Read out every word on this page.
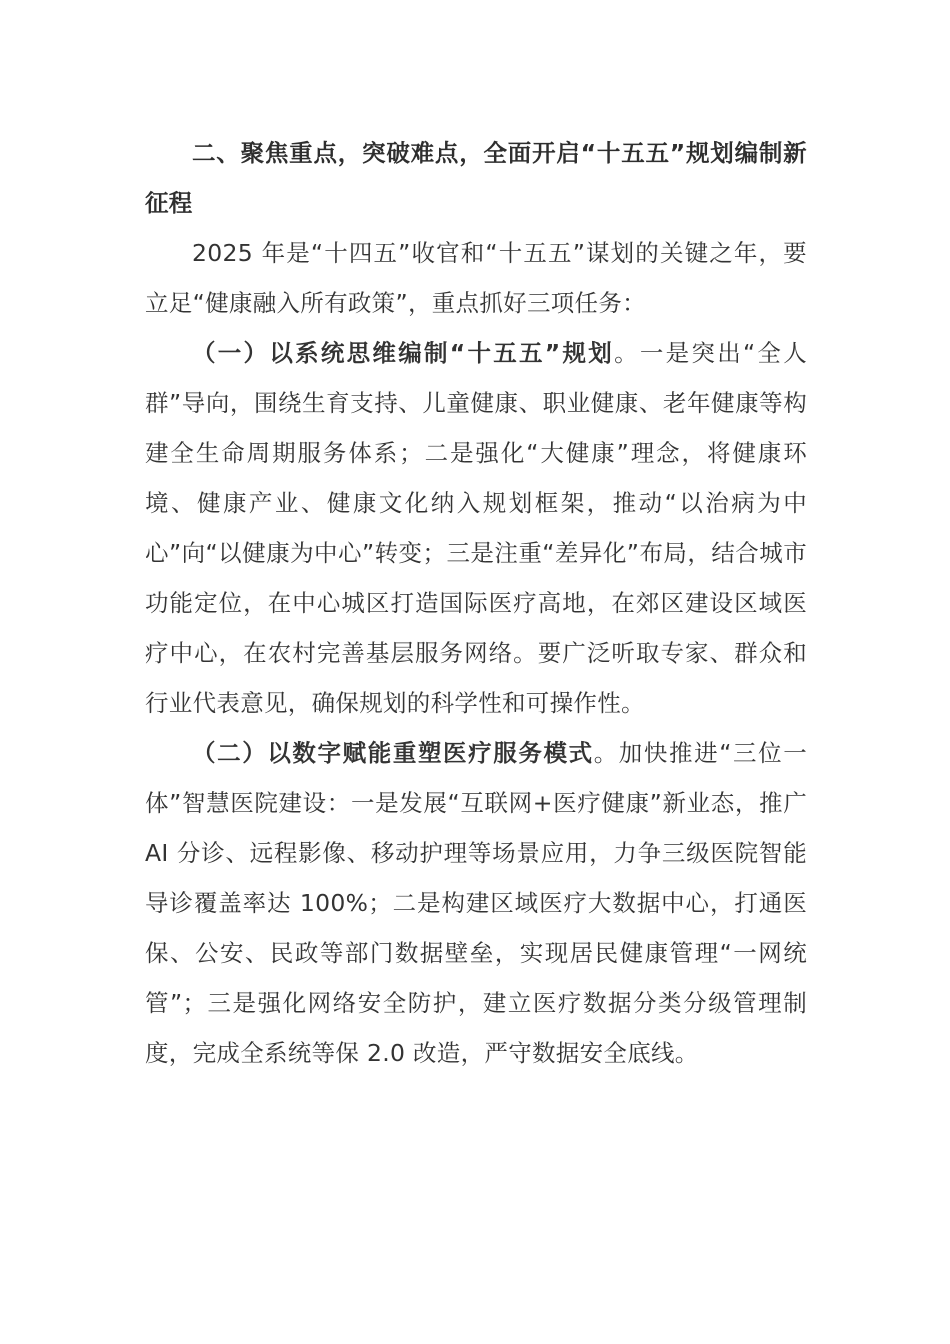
二、聚焦重点，突破难点，全面开启“十五五”规划编制新征程

2025 年是“十四五”收官和“十五五”谋划的关键之年，要立足“健康融入所有政策”，重点抓好三项任务：

（一）以系统思维编制“十五五”规划。一是突出“全人群”导向，围绕生育支持、儿童健康、职业健康、老年健康等构建全生命周期服务体系；二是强化“大健康”理念，将健康环境、健康产业、健康文化纳入规划框架，推动“以治病为中心”向“以健康为中心”转变；三是注重“差异化”布局，结合城市功能定位，在中心城区打造国际医疗高地，在郊区建设区域医疗中心，在农村完善基层服务网络。要广泛听取专家、群众和行业代表意见，确保规划的科学性和可操作性。

（二）以数字赋能重塑医疗服务模式。加快推进“三位一体”智慧医院建设：一是发展“互联网+医疗健康”新业态，推广 AI 分诊、远程影像、移动护理等场景应用，力争三级医院智能导诊覆盖率达 100%；二是构建区域医疗大数据中心，打通医保、公安、民政等部门数据壁垒，实现居民健康管理“一网统管”；三是强化网络安全防护，建立医疗数据分类分级管理制度，完成全系统等保 2.0 改造，严守数据安全底线。
